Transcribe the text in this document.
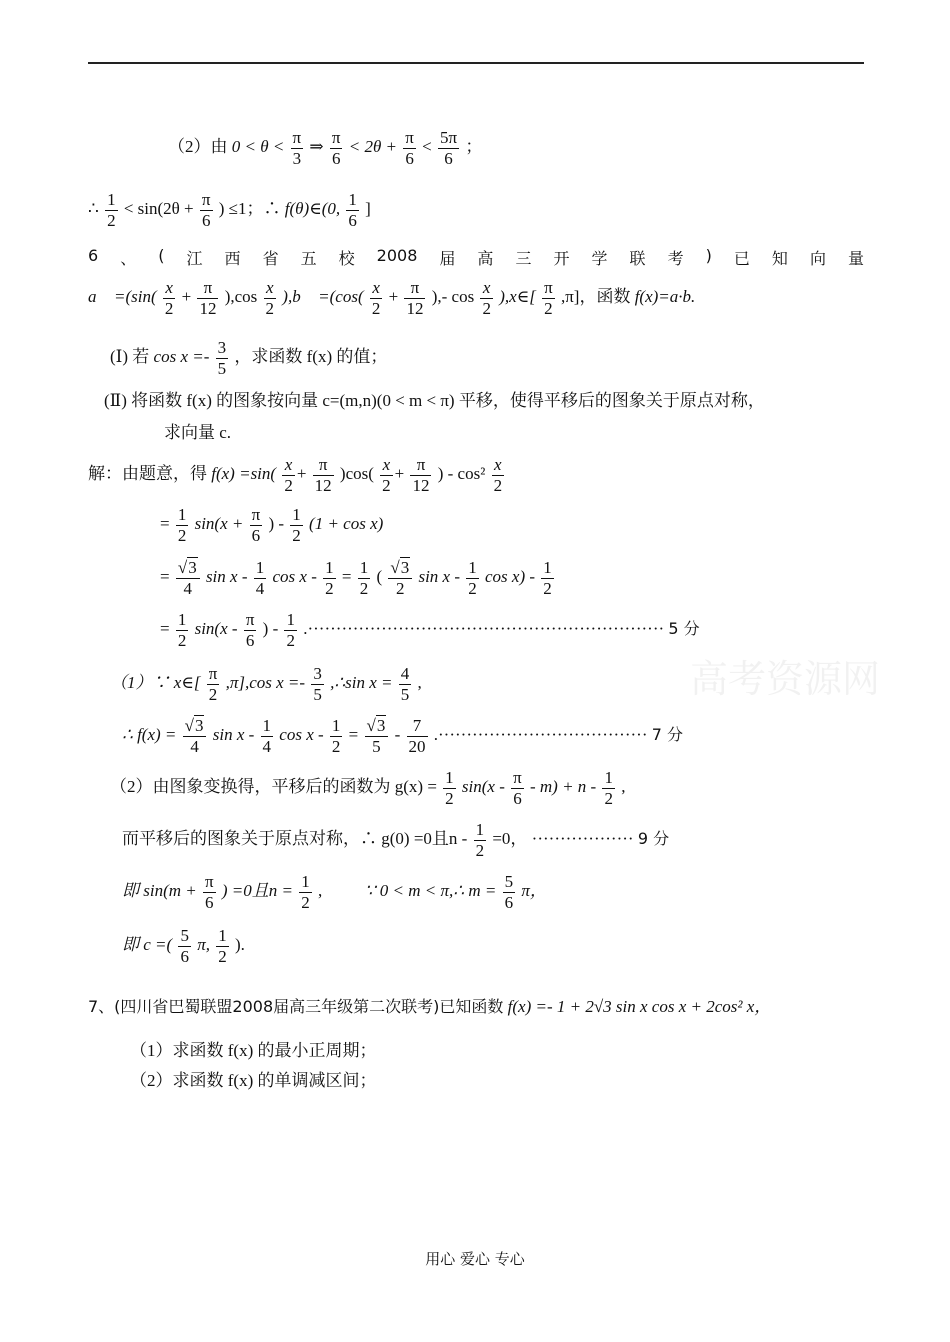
高考资源网
（2）由 $0 < \theta < \frac{\pi}{3}$ ⇒ $\frac{\pi}{6} < 2\theta + \frac{\pi}{6} < \frac{5\pi}{6}$ ；
∴ $\frac{1}{2} < \sin(2\theta + \frac{\pi}{6}$ ) ≤1；∴ f(θ)∈(0, $\frac{1}{6}$ ]
6 、 ( 江 西 省 五 校 2008 届 高 三 开 学 联 考 ) 已 知 向 量
a⃗ $=(\sin( \frac{x}{2} + \frac{\pi}{12} ),\cos \frac{x}{2}$ ),b⃗ $=(\cos( \frac{x}{2} + \frac{\pi}{12}$ ),- $\cos \frac{x}{2}$ ),x∈[ $\frac{\pi}{2} ,\pi$]，函数 f(x)=a·b.
(Ⅰ) 若 $\cos x =- \frac{3}{5}$ ，求函数 f(x) 的值；
(Ⅱ) 将函数 f(x) 的图象按向量 c=(m,n)(0 < m < π) 平移，使得平移后的图象关于原点对称，
求向量 c.
解：由题意，得 $f(x) =\sin( \frac{x}{2} + \frac{\pi}{12} )\cos( \frac{x}{2} + \frac{\pi}{12}$ ) - $\cos^2 \frac{x}{2}$
= $\frac{1}{2} \sin(x + \frac{\pi}{6}$ ) - $\frac{1}{2} (1 + \cos x)$
= $\frac{√3}{4}$ sin x - $\frac{1}{4}$ $\cos x - \frac{1}{2} = \frac{1}{2}$ ( $\frac{√3}{2}$ sin x - $\frac{1}{2}$ $\cos x) - \frac{1}{2}$
= $\frac{1}{2} \sin(x - \frac{\pi}{6}$ ) - $\frac{1}{2}$ .······························································· 5 分
（1）∵ x∈[ $\frac{\pi}{2} ,\pi],\cos$ $x =- \frac{3}{5}$ ,∴sin $x = \frac{4}{5}$ ,
∴ $f(x) = \frac{√3}{4}$ sin x - $\frac{1}{4}$ $\cos x - \frac{1}{2} = \frac{√3}{5} - \frac{7}{20}$ .····································· 7 分
（2）由图象变换得，平移后的函数为 $g(x) = \frac{1}{2} \sin(x - \frac{\pi}{6} - m) + n - \frac{1}{2}$ ,
而平移后的图象关于原点对称，∴ g(0) =0且$n - \frac{1}{2} =0$， ·················· 9 分
即 $\sin(m + \frac{\pi}{6}$ ) =0且$n = \frac{1}{2}$ ,	∵ 0 < m < π,∴ $m = \frac{5}{6}$ π，
即 c =( $\frac{5}{6} \pi$, $\frac{1}{2}$ ).
7、(四川省巴蜀联盟2008届高三年级第二次联考)已知函数 f(x) =- 1 + 2√3 sin x cos x + 2cos² x，
（1）求函数 f(x) 的最小正周期；
（2）求函数 f(x) 的单调减区间；
用心 爱心 专心
